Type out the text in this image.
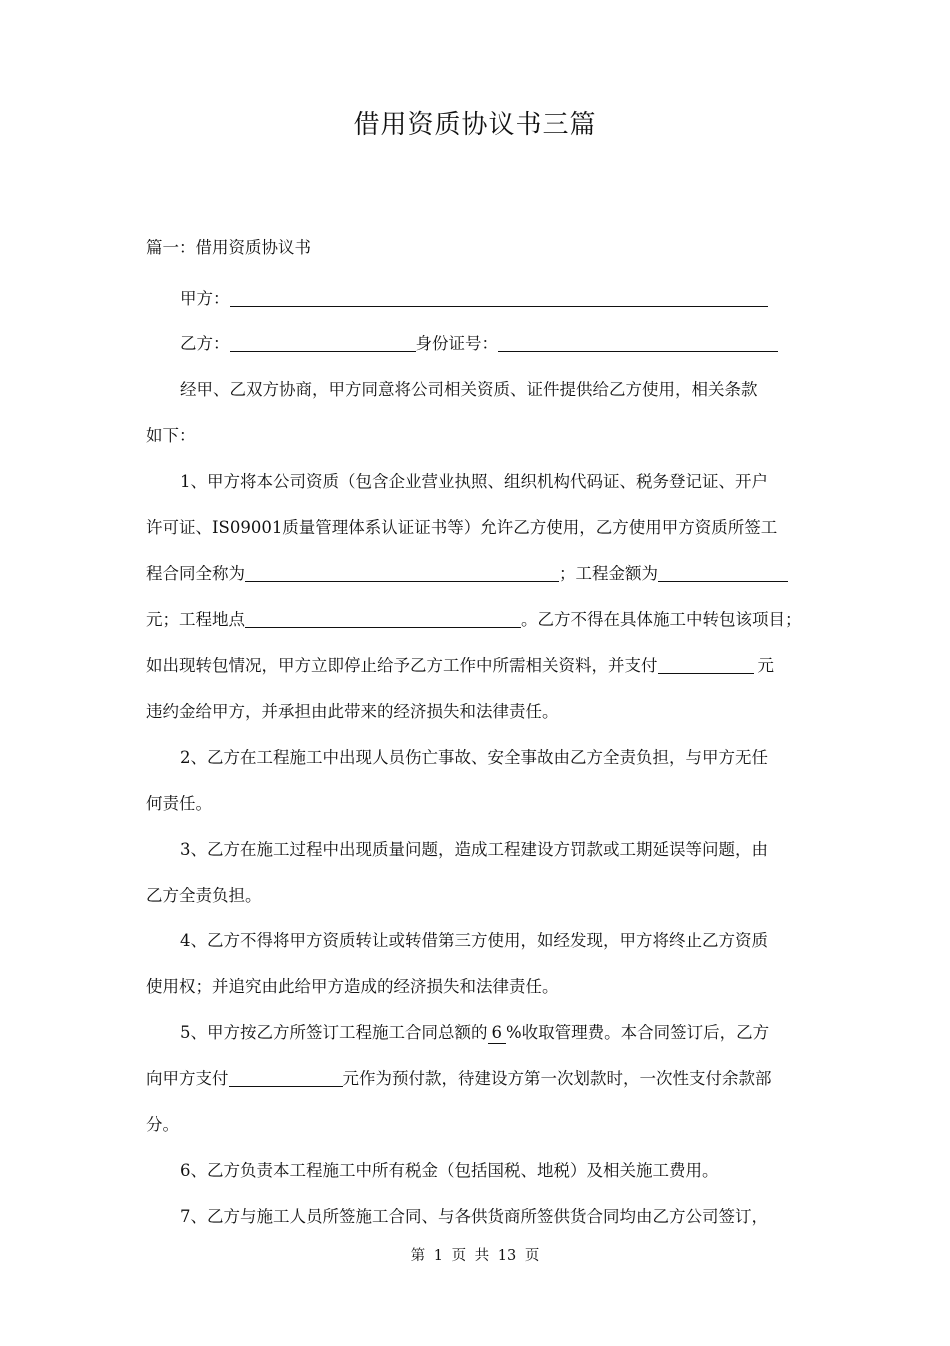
借用资质协议书三篇
篇一：借用资质协议书
甲方：
乙方：	身份证号：
经甲、乙双方协商，甲方同意将公司相关资质、证件提供给乙方使用，相关条款
如下：
1、甲方将本公司资质（包含企业营业执照、组织机构代码证、税务登记证、开户
许可证、IS09001质量管理体系认证证书等）允许乙方使用，乙方使用甲方资质所签工
程合同全称为	；工程金额为
元；工程地点	。乙方不得在具体施工中转包该项目；
如出现转包情况，甲方立即停止给予乙方工作中所需相关资料，并支付	元
违约金给甲方，并承担由此带来的经济损失和法律责任。
2、乙方在工程施工中出现人员伤亡事故、安全事故由乙方全责负担，与甲方无任
何责任。
3、乙方在施工过程中出现质量问题，造成工程建设方罚款或工期延误等问题，由
乙方全责负担。
4、乙方不得将甲方资质转让或转借第三方使用，如经发现，甲方将终止乙方资质
使用权；并追究由此给甲方造成的经济损失和法律责任。
5、甲方按乙方所签订工程施工合同总额的 6 %收取管理费。本合同签订后，乙方
向甲方支付	元作为预付款，待建设方第一次划款时，一次性支付余款部
分。
6、乙方负责本工程施工中所有税金（包括国税、地税）及相关施工费用。
7、乙方与施工人员所签施工合同、与各供货商所签供货合同均由乙方公司签订，
第 1 页 共 13 页
